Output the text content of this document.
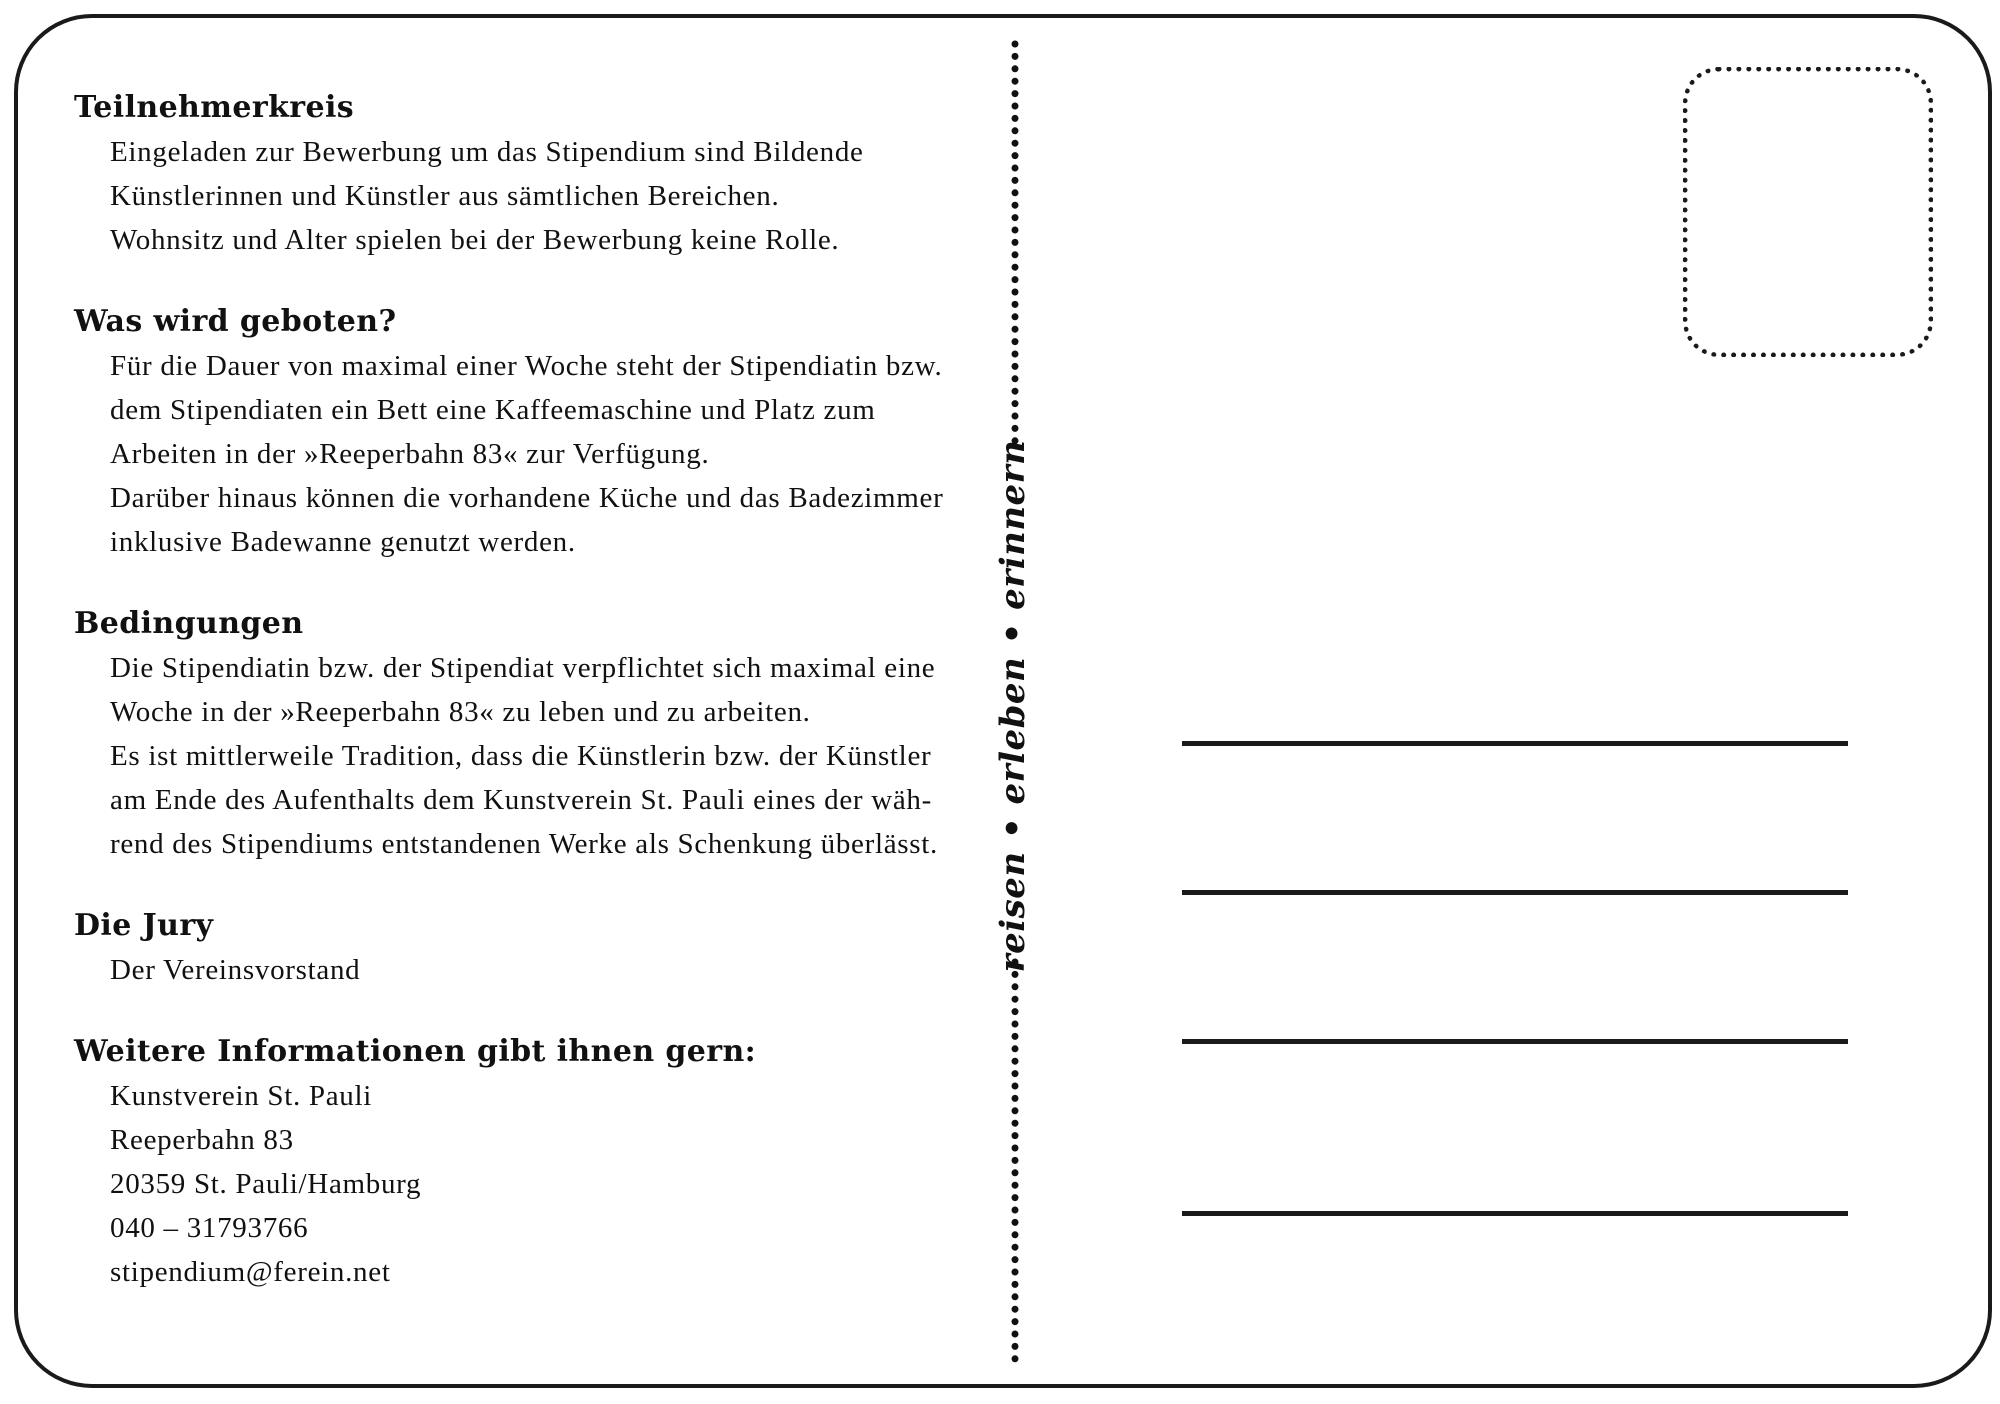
Teilnehmerkreis
Eingeladen zur Bewerbung um das Stipendium sind Bildende
Künstlerinnen und Künstler aus sämtlichen Bereichen.
Wohnsitz und Alter spielen bei der Bewerbung keine Rolle.
Was wird geboten?
Für die Dauer von maximal einer Woche steht der Stipendiatin bzw.
dem Stipendiaten ein Bett eine Kaffeemaschine und Platz zum
Arbeiten in der »Reeperbahn 83« zur Verfügung.
Darüber hinaus können die vorhandene Küche und das Badezimmer
inklusive Badewanne genutzt werden.
Bedingungen
Die Stipendiatin bzw. der Stipendiat verpflichtet sich maximal eine
Woche in der »Reeperbahn 83« zu leben und zu arbeiten.
Es ist mittlerweile Tradition, dass die Künstlerin bzw. der Künstler
am Ende des Aufenthalts dem Kunstverein St. Pauli eines der wäh-
rend des Stipendiums entstandenen Werke als Schenkung überlässt.
Die Jury
Der Vereinsvorstand
Weitere Informationen gibt ihnen gern:
Kunstverein St. Pauli
Reeperbahn 83
20359 St. Pauli/Hamburg
040 – 31793766
stipendium@ferein.net
reisen • erleben • erinnern
